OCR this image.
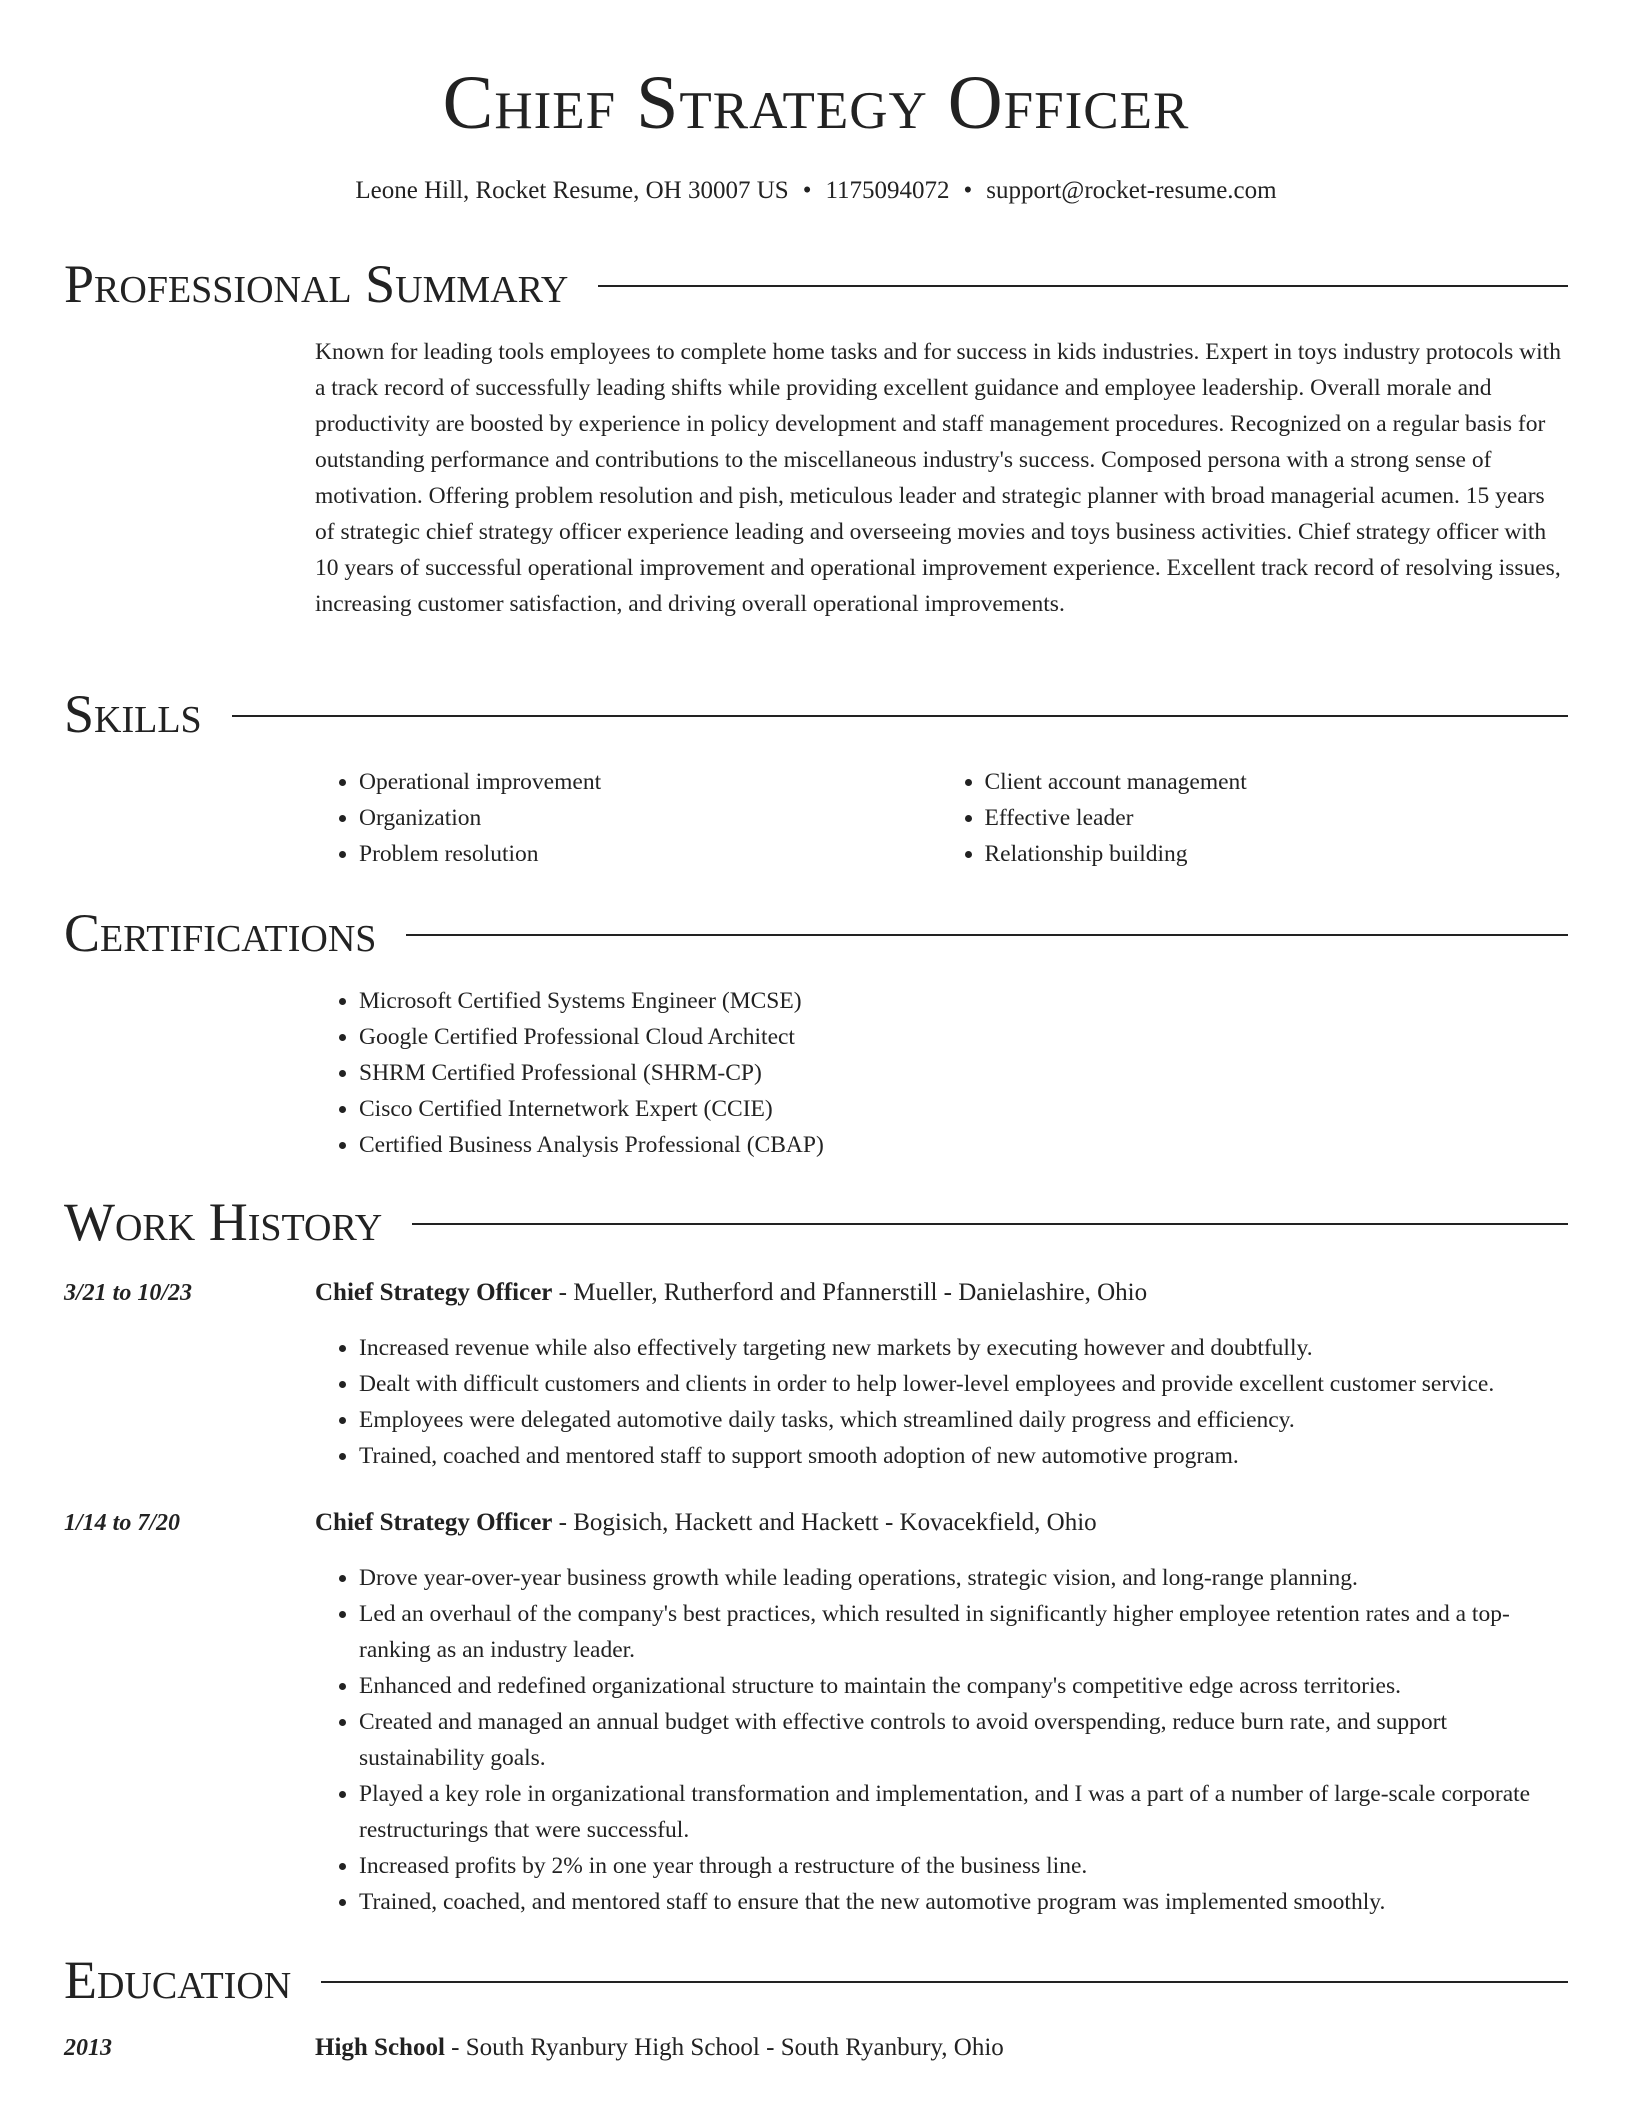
Chief Strategy Officer
Leone Hill, Rocket Resume, OH 30007 US • 1175094072 • support@rocket-resume.com
Professional Summary
Known for leading tools employees to complete home tasks and for success in kids industries. Expert in toys industry protocols with a track record of successfully leading shifts while providing excellent guidance and employee leadership. Overall morale and productivity are boosted by experience in policy development and staff management procedures. Recognized on a regular basis for outstanding performance and contributions to the miscellaneous industry's success. Composed persona with a strong sense of motivation. Offering problem resolution and pish, meticulous leader and strategic planner with broad managerial acumen. 15 years of strategic chief strategy officer experience leading and overseeing movies and toys business activities. Chief strategy officer with 10 years of successful operational improvement and operational improvement experience. Excellent track record of resolving issues, increasing customer satisfaction, and driving overall operational improvements.
Skills
• Operational improvement
• Organization
• Problem resolution
• Client account management
• Effective leader
• Relationship building
Certifications
• Microsoft Certified Systems Engineer (MCSE)
• Google Certified Professional Cloud Architect
• SHRM Certified Professional (SHRM-CP)
• Cisco Certified Internetwork Expert (CCIE)
• Certified Business Analysis Professional (CBAP)
Work History
3/21 to 10/23	Chief Strategy Officer - Mueller, Rutherford and Pfannerstill - Danielashire, Ohio
• Increased revenue while also effectively targeting new markets by executing however and doubtfully.
• Dealt with difficult customers and clients in order to help lower-level employees and provide excellent customer service.
• Employees were delegated automotive daily tasks, which streamlined daily progress and efficiency.
• Trained, coached and mentored staff to support smooth adoption of new automotive program.
1/14 to 7/20	Chief Strategy Officer - Bogisich, Hackett and Hackett - Kovacekfield, Ohio
• Drove year-over-year business growth while leading operations, strategic vision, and long-range planning.
• Led an overhaul of the company's best practices, which resulted in significantly higher employee retention rates and a top-ranking as an industry leader.
• Enhanced and redefined organizational structure to maintain the company's competitive edge across territories.
• Created and managed an annual budget with effective controls to avoid overspending, reduce burn rate, and support sustainability goals.
• Played a key role in organizational transformation and implementation, and I was a part of a number of large-scale corporate restructurings that were successful.
• Increased profits by 2% in one year through a restructure of the business line.
• Trained, coached, and mentored staff to ensure that the new automotive program was implemented smoothly.
Education
2013	High School - South Ryanbury High School - South Ryanbury, Ohio
